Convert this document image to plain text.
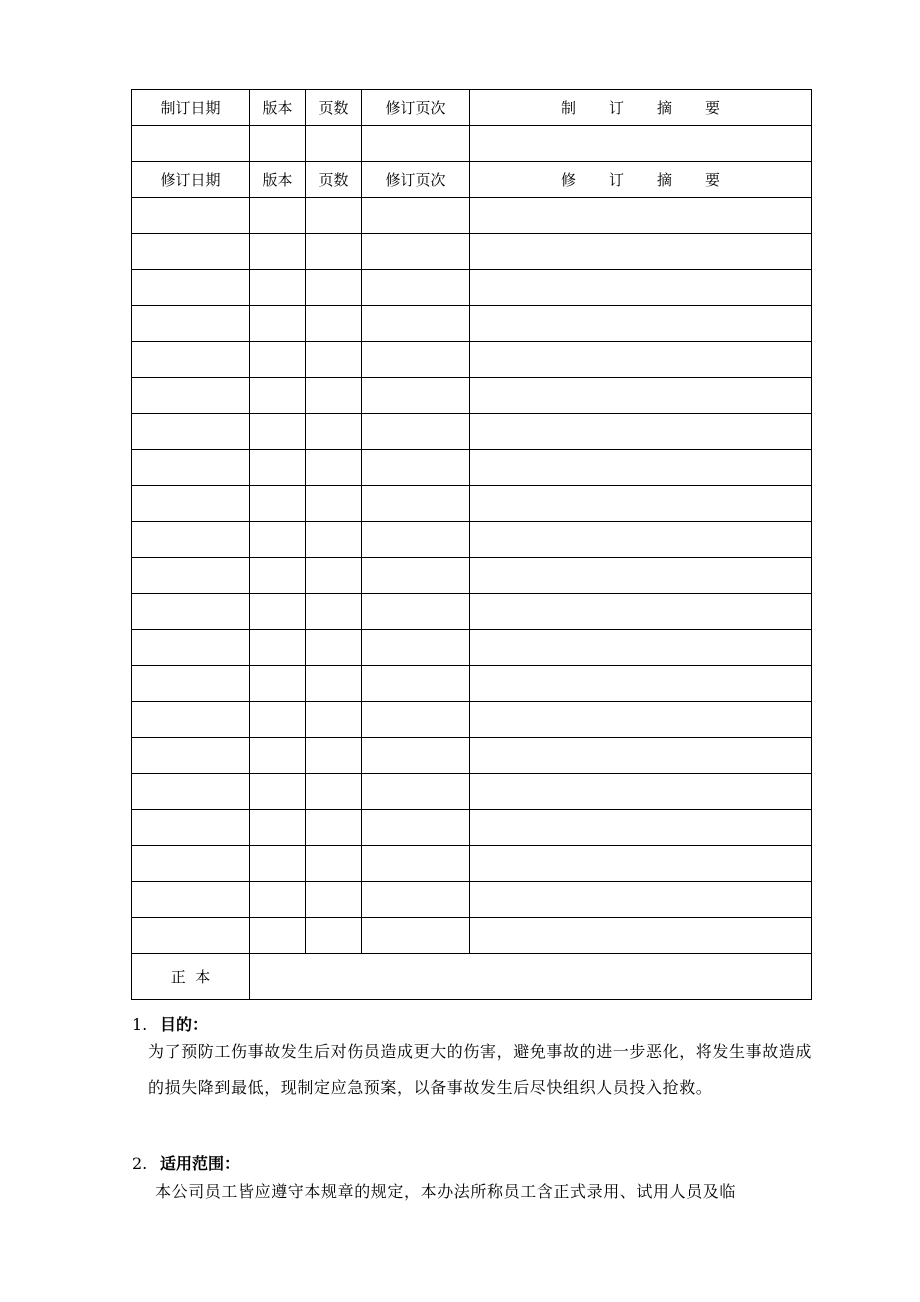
制订日期	版本	页数	修订页次	制 订 摘 要

修订日期	版本	页数	修订页次	修 订 摘 要

正  本				
1. 目的：
为了预防工伤事故发生后对伤员造成更大的伤害，避免事故的进一步恶化，将发生事故造成的损失降到最低，现制定应急预案，以备事故发生后尽快组织人员投入抢救。
2. 适用范围：
本公司员工皆应遵守本规章的规定，本办法所称员工含正式录用、试用人员及临
